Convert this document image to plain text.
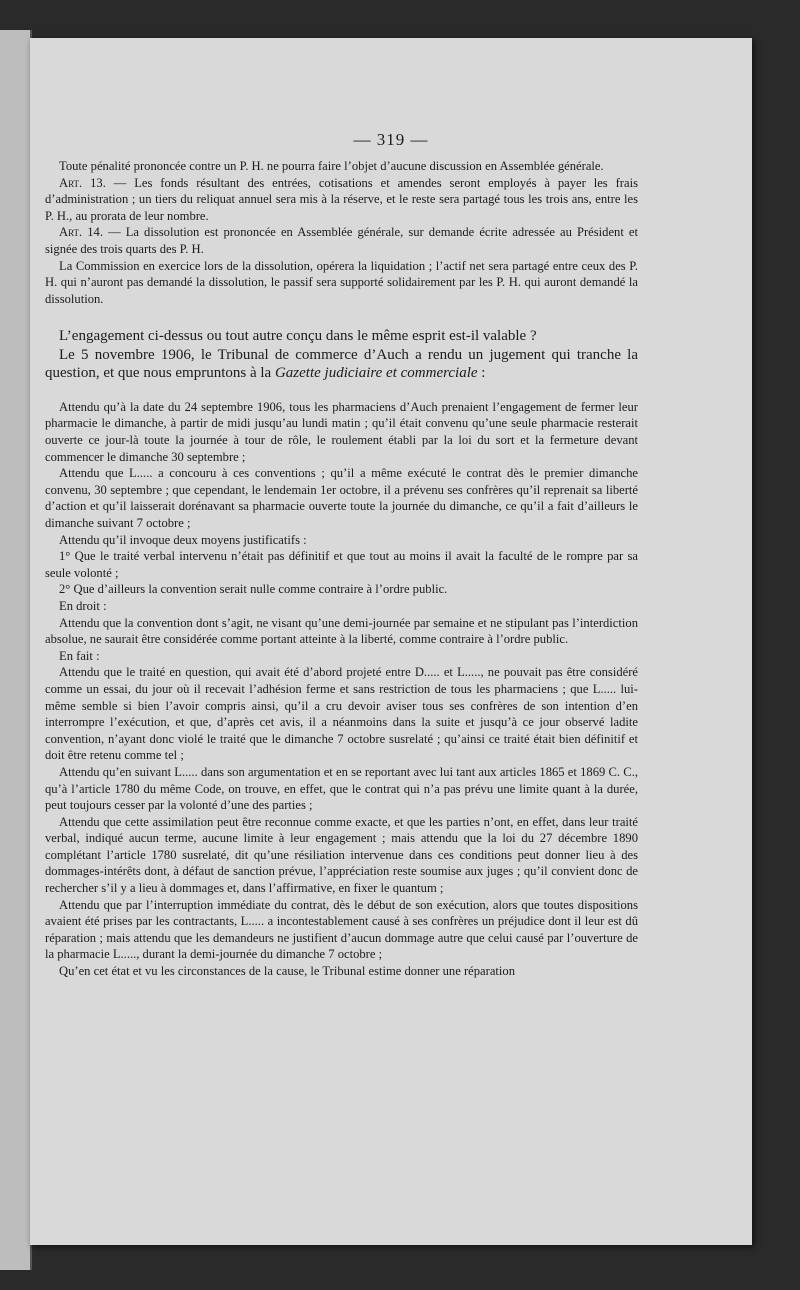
— 319 —

Toute pénalité prononcée contre un P. H. ne pourra faire l’objet d’aucune discussion en Assemblée générale.

Art. 13. — Les fonds résultant des entrées, cotisations et amendes seront employés à payer les frais d’administration ; un tiers du reliquat annuel sera mis à la réserve, et le reste sera partagé tous les trois ans, entre les P. H., au prorata de leur nombre.

Art. 14. — La dissolution est prononcée en Assemblée générale, sur demande écrite adressée au Président et signée des trois quarts des P. H.

La Commission en exercice lors de la dissolution, opérera la liquidation ; l’actif net sera partagé entre ceux des P. H. qui n’auront pas demandé la dissolution, le passif sera supporté solidairement par les P. H. qui auront demandé la dissolution.

L’engagement ci-dessus ou tout autre conçu dans le même esprit est-il valable ?

Le 5 novembre 1906, le Tribunal de commerce d’Auch a rendu un jugement qui tranche la question, et que nous empruntons à la Gazette judiciaire et commerciale :

Attendu qu’à la date du 24 septembre 1906, tous les pharmaciens d’Auch prenaient l’engagement de fermer leur pharmacie le dimanche, à partir de midi jusqu’au lundi matin ; qu’il était convenu qu’une seule pharmacie resterait ouverte ce jour-là toute la journée à tour de rôle, le roulement établi par la loi du sort et la fermeture devant commencer le dimanche 30 septembre ;

Attendu que L..... a concouru à ces conventions ; qu’il a même exécuté le contrat dès le premier dimanche convenu, 30 septembre ; que cependant, le lendemain 1er octobre, il a prévenu ses confrères qu’il reprenait sa liberté d’action et qu’il laisserait dorénavant sa pharmacie ouverte toute la journée du dimanche, ce qu’il a fait d’ailleurs le dimanche suivant 7 octobre ;

Attendu qu’il invoque deux moyens justificatifs :

1° Que le traité verbal intervenu n’était pas définitif et que tout au moins il avait la faculté de le rompre par sa seule volonté ;

2° Que d’ailleurs la convention serait nulle comme contraire à l’ordre public.

En droit :

Attendu que la convention dont s’agit, ne visant qu’une demi-journée par semaine et ne stipulant pas l’interdiction absolue, ne saurait être considérée comme portant atteinte à la liberté, comme contraire à l’ordre public.

En fait :

Attendu que le traité en question, qui avait été d’abord projeté entre D..... et L....., ne pouvait pas être considéré comme un essai, du jour où il recevait l’adhésion ferme et sans restriction de tous les pharmaciens ; que L..... lui-même semble si bien l’avoir compris ainsi, qu’il a cru devoir aviser tous ses confrères de son intention d’en interrompre l’exécution, et que, d’après cet avis, il a néanmoins dans la suite et jusqu’à ce jour observé ladite convention, n’ayant donc violé le traité que le dimanche 7 octobre susrelaté ; qu’ainsi ce traité était bien définitif et doit être retenu comme tel ;

Attendu qu’en suivant L..... dans son argumentation et en se reportant avec lui tant aux articles 1865 et 1869 C. C., qu’à l’article 1780 du même Code, on trouve, en effet, que le contrat qui n’a pas prévu une limite quant à la durée, peut toujours cesser par la volonté d’une des parties ;

Attendu que cette assimilation peut être reconnue comme exacte, et que les parties n’ont, en effet, dans leur traité verbal, indiqué aucun terme, aucune limite à leur engagement ; mais attendu que la loi du 27 décembre 1890 complétant l’article 1780 susrelaté, dit qu’une résiliation intervenue dans ces conditions peut donner lieu à des dommages-intérêts dont, à défaut de sanction prévue, l’appréciation reste soumise aux juges ; qu’il convient donc de rechercher s’il y a lieu à dommages et, dans l’affirmative, en fixer le quantum ;

Attendu que par l’interruption immédiate du contrat, dès le début de son exécution, alors que toutes dispositions avaient été prises par les contractants, L..... a incontestablement causé à ses confrères un préjudice dont il leur est dû réparation ; mais attendu que les demandeurs ne justifient d’aucun dommage autre que celui causé par l’ouverture de la pharmacie L....., durant la demi-journée du dimanche 7 octobre ;

Qu’en cet état et vu les circonstances de la cause, le Tribunal estime donner une réparation
